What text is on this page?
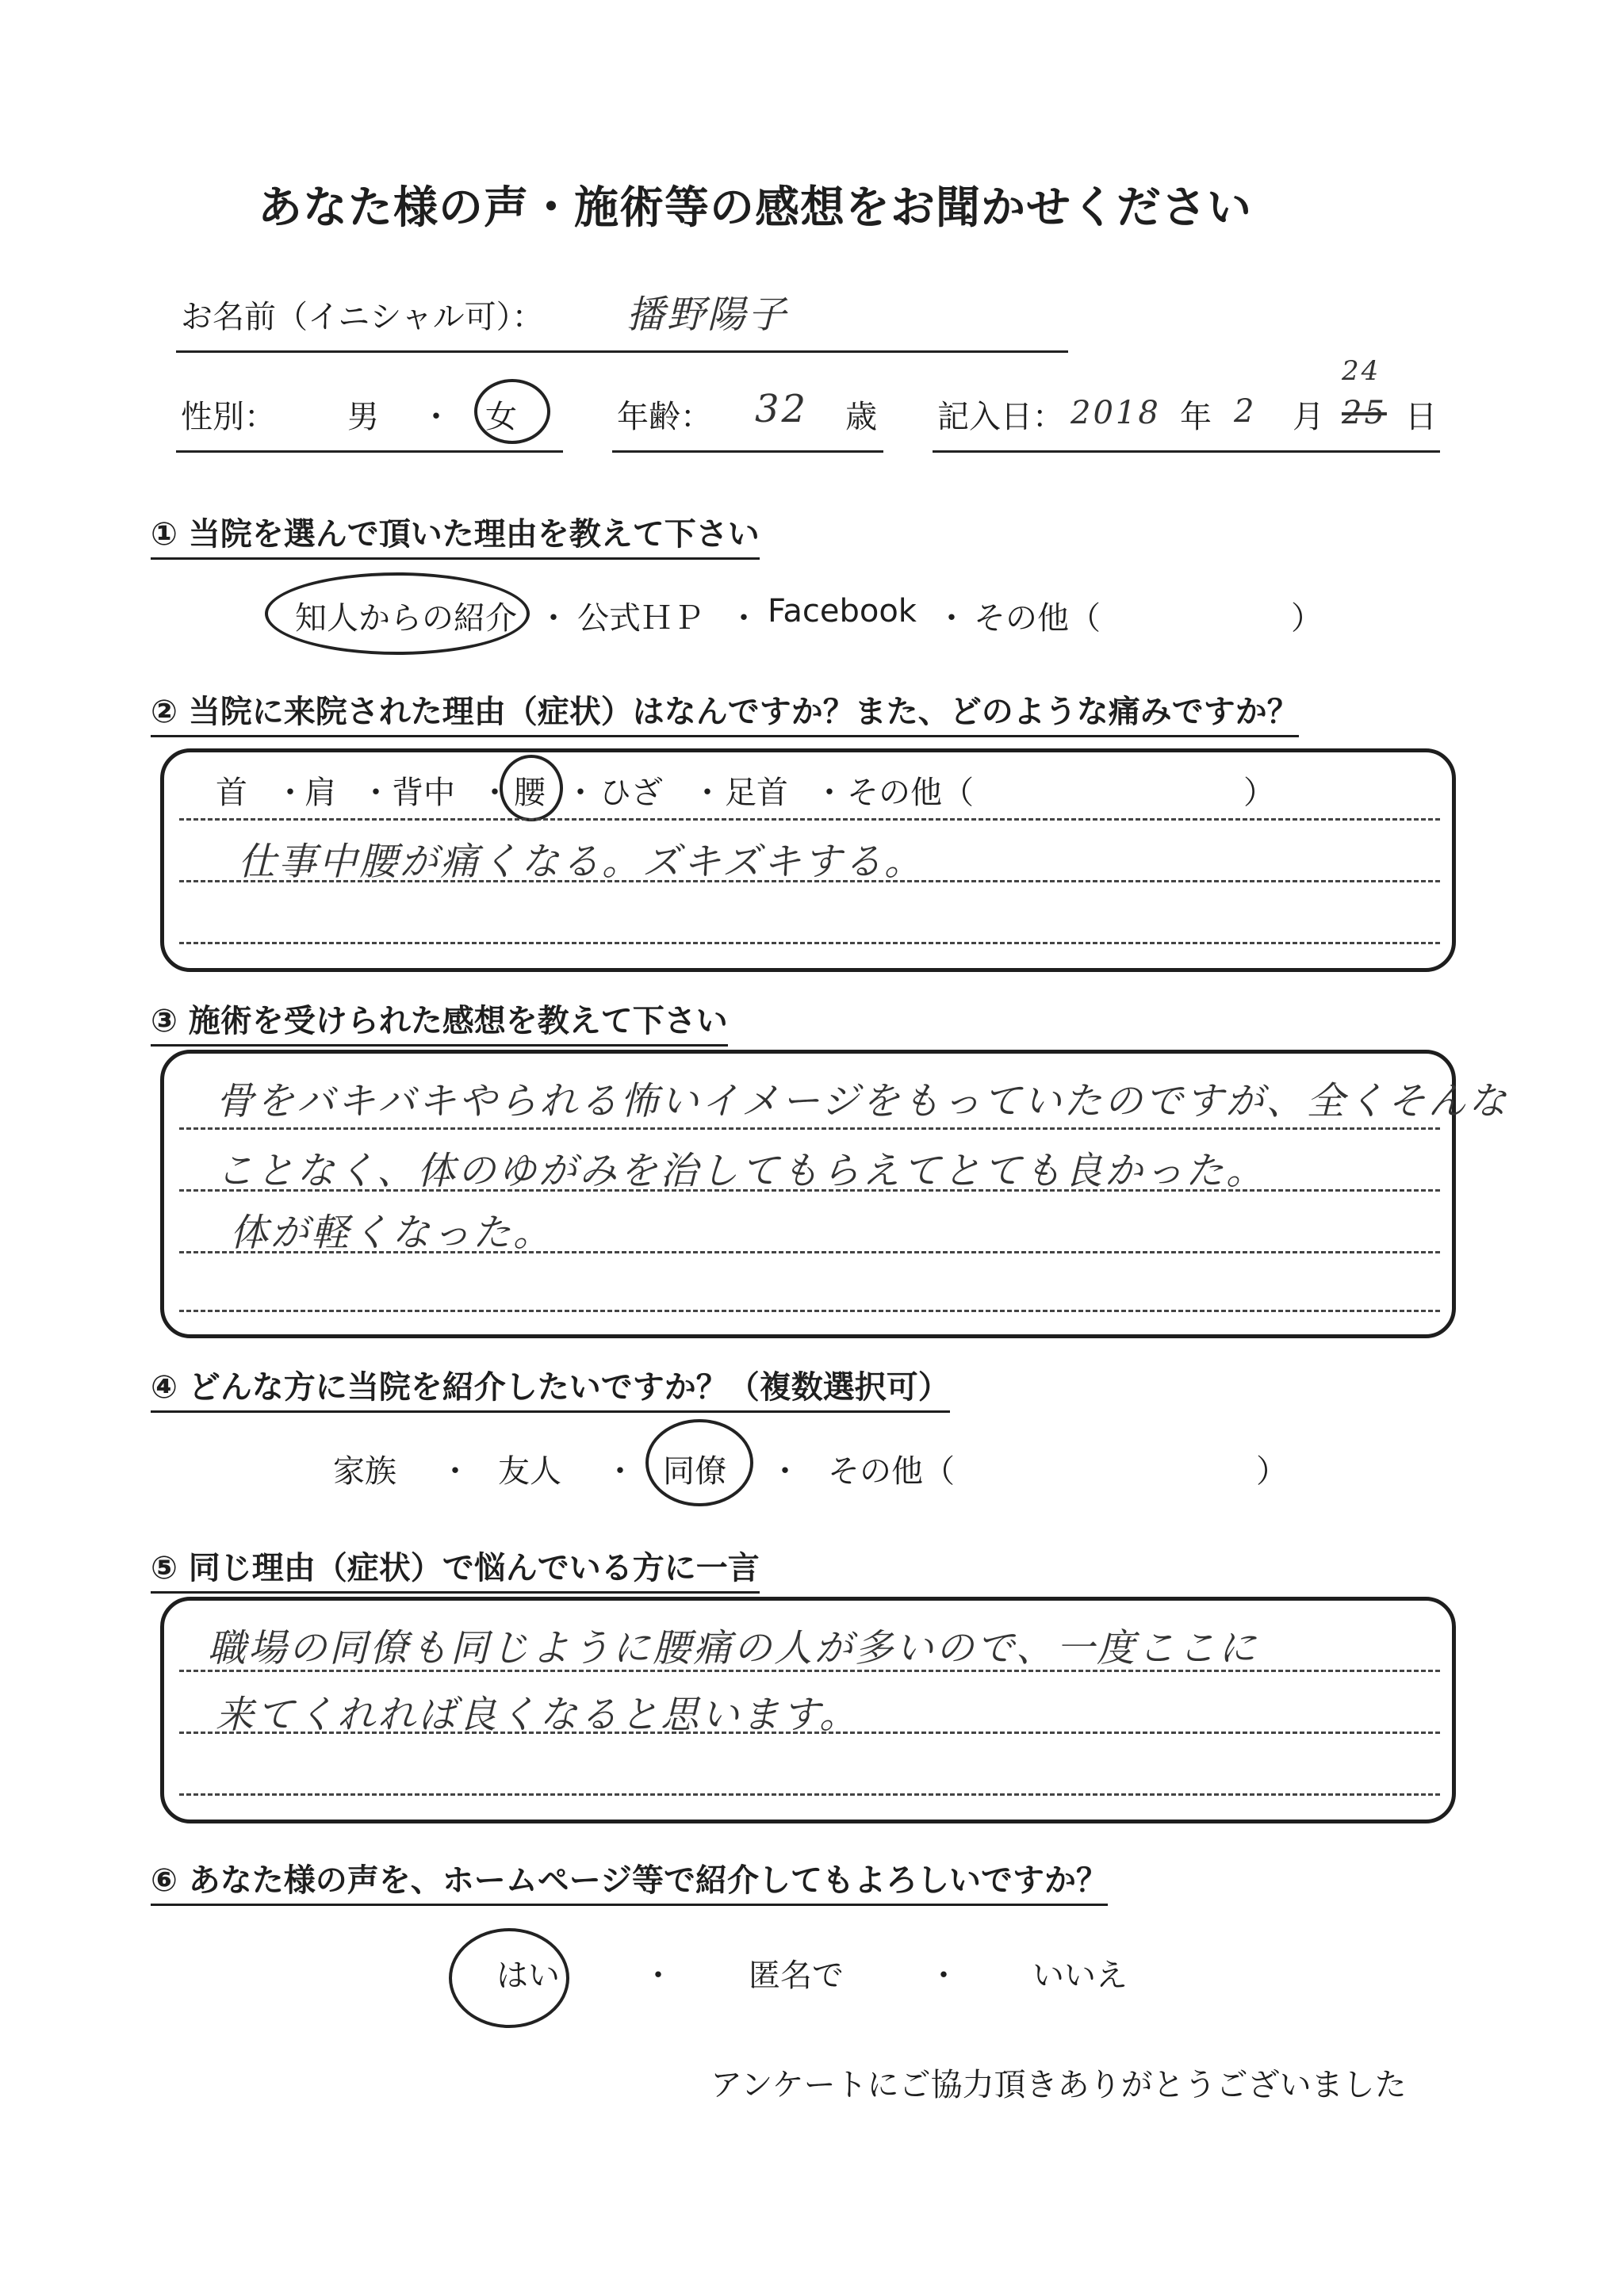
あなた様の声・施術等の感想をお聞かせください
お名前（イニシャル可）： 播野陽子
性別： 男 ・ 女	年齢： 32 歳 記入日： 2018 年 2 月 25
24
日
① 当院を選んで頂いた理由を教えて下さい
知人からの紹介 ・ 公式ＨＰ ・ Facebook ・ その他（	）
② 当院に来院された理由（症状）はなんですか？また、どのような痛みですか？
首 ・
肩 ・ 背中 ・ 腰 ・ ひざ ・ 足首 ・ その他（	）
仕事中腰が痛くなる。ズキズキする。
③ 施術を受けられた感想を教えて下さい
骨をバキバキやられる怖いイメージをもっていたのですが、全くそんな
ことなく、体のゆがみを治してもらえてとても良かった。
体が軽くなった。
④ どんな方に当院を紹介したいですか？（複数選択可）
家族 ・ 友人 ・ 同僚 ・ その他（	）
⑤ 同じ理由（症状）で悩んでいる方に一言
職場の同僚も同じように腰痛の人が多いので、一度ここに
来てくれれば良くなると思います。
⑥ あなた様の声を、ホームページ等で紹介してもよろしいですか？
はい	・ 匿名で	・ いいえ
アンケートにご協力頂きありがとうございました
